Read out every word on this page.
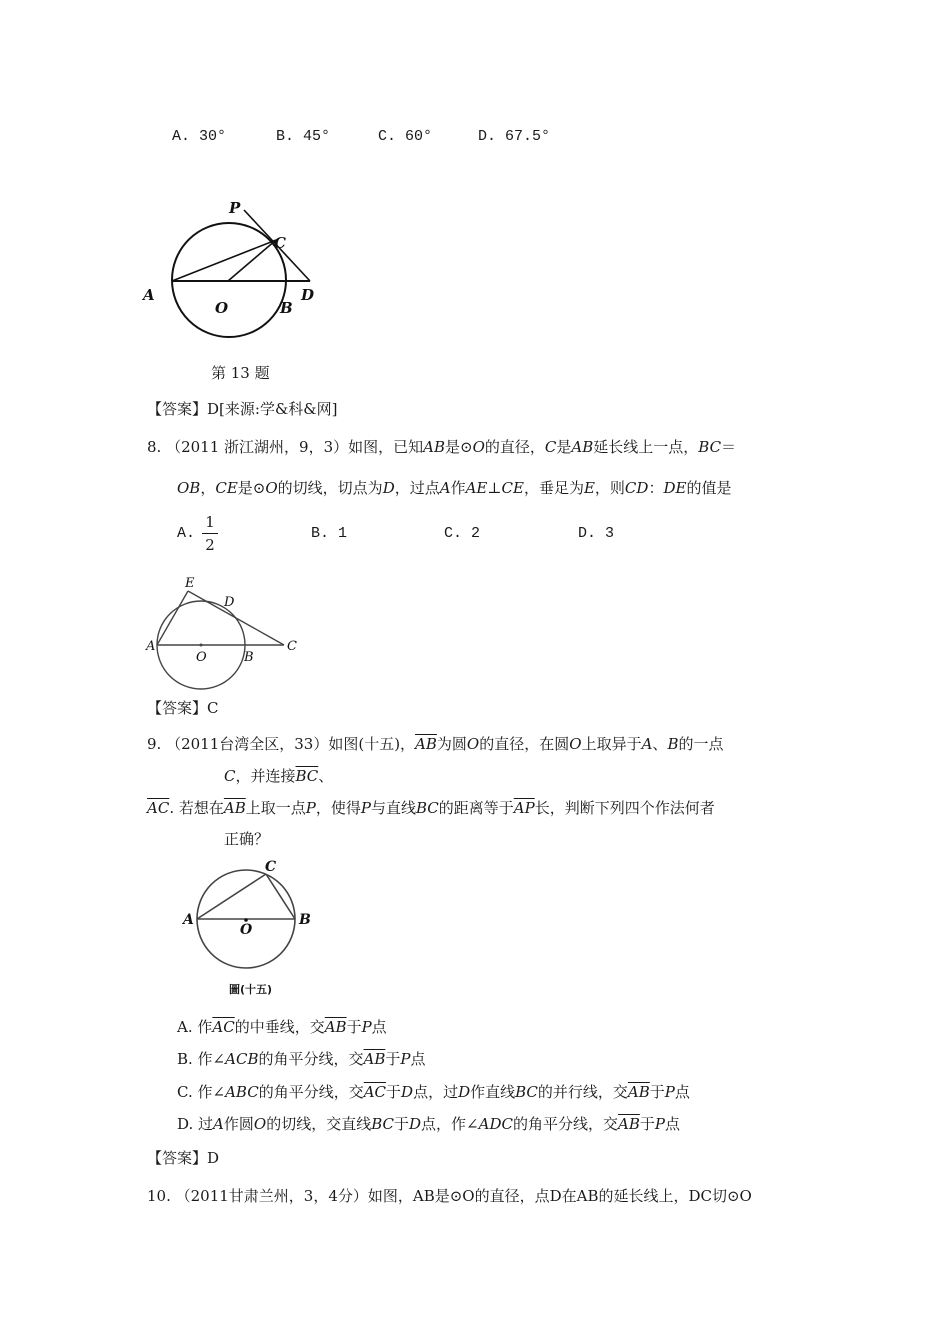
A. 30°	B. 45°	C. 60°	D. 67.5°
P
C
A
O	B
D
第 13 题
【答案】D[来源:学&科&网]
8. （2011 浙江湖州，9，3）如图，已知AB是⊙O的直径，C是AB延长线上一点，BC＝
OB，CE是⊙O的切线，切点为D，过点A作AE⊥CE，垂足为E，则CD：DE的值是
A.
1
2
B. 1	C. 2	D. 3
E
D
A
O	B
C
【答案】C
9. （2011台湾全区，33）如图(十五)，$\overline{AB}$为圆O的直径，在圆O上取异于A、B的一点
C，并连接$\overline{BC}$、
$\overline{AC}$. 若想在$\overline{AB}$上取一点P，使得P与直线BC的距离等于$\overline{AP}$长，判断下列四个作法何者
正确？
C
A
O
B
圖(十五)
A. 作$\overline{AC}$的中垂线，交$\overline{AB}$于P点
B. 作∠ACB的角平分线，交$\overline{AB}$于P点
C. 作∠ABC的角平分线，交$\overline{AC}$于D点，过D作直线BC的并行线，交$\overline{AB}$于P点
D. 过A作圆O的切线，交直线BC于D点，作∠ADC的角平分线，交$\overline{AB}$于P点
【答案】D
10. （2011甘肃兰州，3，4分）如图，AB是⊙O的直径，点D在AB的延长线上，DC切⊙O
